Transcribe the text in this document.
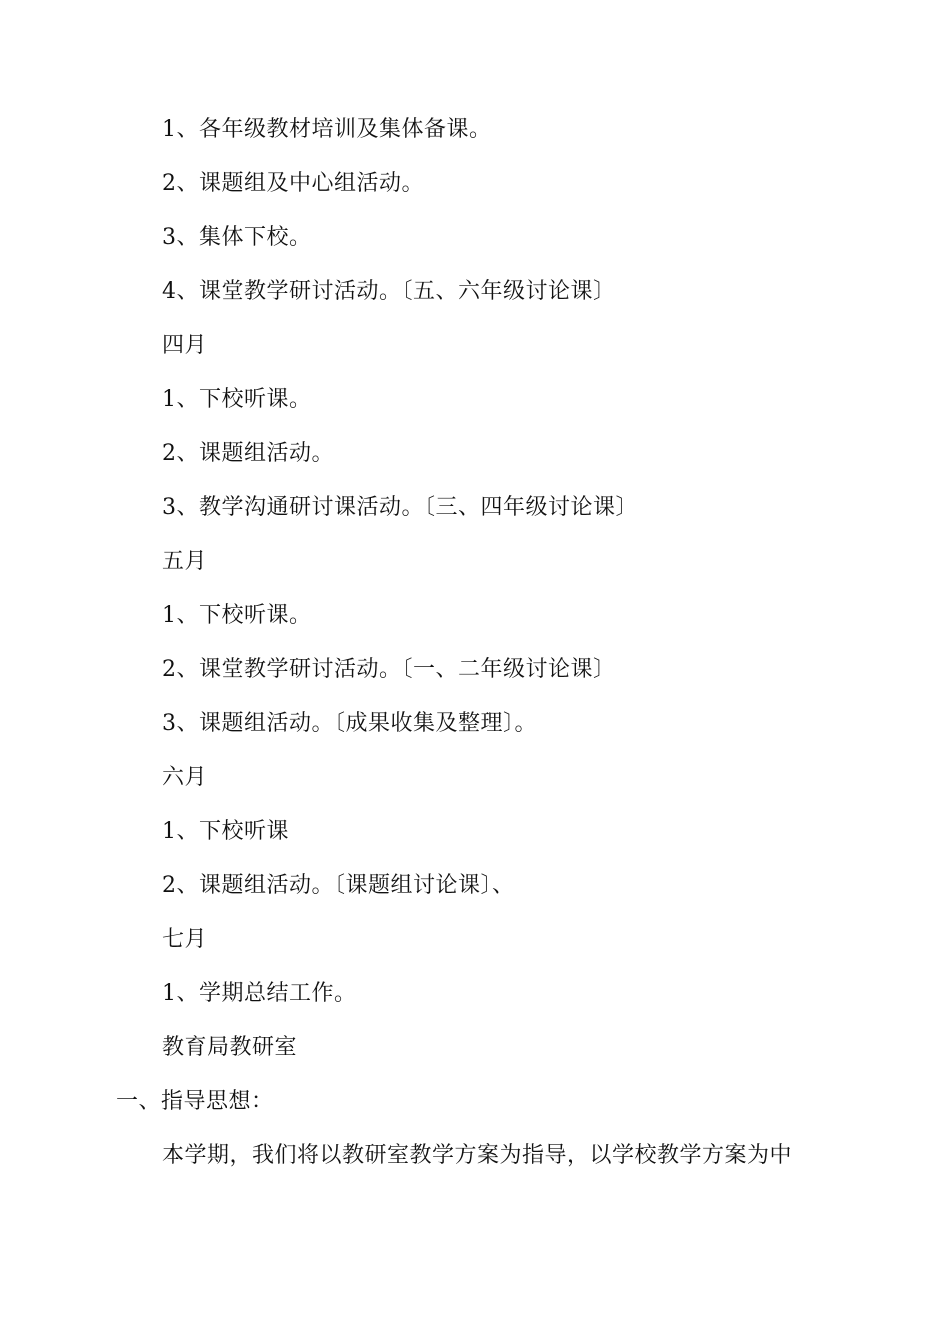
1、各年级教材培训及集体备课。
2、课题组及中心组活动。
3、集体下校。
4、课堂教学研讨活动。〔五、六年级讨论课〕
四月
1、下校听课。
2、课题组活动。
3、教学沟通研讨课活动。〔三、四年级讨论课〕
五月
1、下校听课。
2、课堂教学研讨活动。〔一、二年级讨论课〕
3、课题组活动。〔成果收集及整理〕。
六月
1、下校听课
2、课题组活动。〔课题组讨论课〕、
七月
1、学期总结工作。
教育局教研室
一、指导思想：
本学期，我们将以教研室教学方案为指导，以学校教学方案为中
